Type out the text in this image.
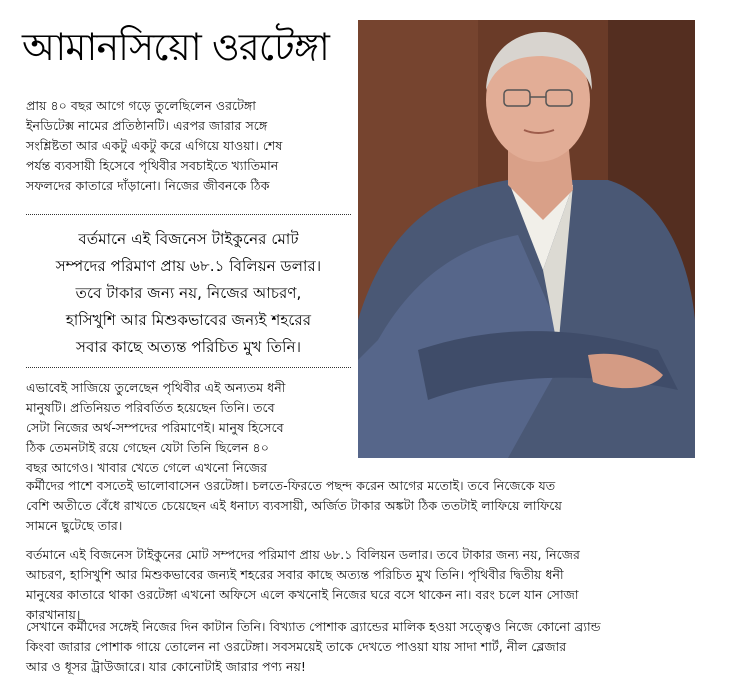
আমানসিয়ো ওরটেঙ্গা
প্রায় ৪০ বছর আগে গড়ে তুলেছিলেন ওরটেঙ্গা
ইনডিটেক্স নামের প্রতিষ্ঠানটি। এরপর জারার সঙ্গে
সংশ্লিষ্টতা আর একটু একটু করে এগিয়ে যাওয়া। শেষ
পর্যন্ত ব্যবসায়ী হিসেবে পৃথিবীর সবচাইতে খ্যাতিমান
সফলদের কাতারে দাঁড়ানো। নিজের জীবনকে ঠিক
বর্তমানে এই বিজনেস টাইকুনের মোট
সম্পদের পরিমাণ প্রায় ৬৮.১ বিলিয়ন ডলার।
তবে টাকার জন্য নয়, নিজের আচরণ,
হাসিখুশি আর মিশুকভাবের জন্যই শহরের
সবার কাছে অত্যন্ত পরিচিত মুখ তিনি।
এভাবেই সাজিয়ে তুলেছেন পৃথিবীর এই অন্যতম ধনী
মানুষটি। প্রতিনিয়ত পরিবর্তিত হয়েছেন তিনি। তবে
সেটা নিজের অর্থ-সম্পদের পরিমাণেই। মানুষ হিসেবে
ঠিক তেমনটাই রয়ে গেছেন যেটা তিনি ছিলেন ৪০
বছর আগেও। খাবার খেতে গেলে এখনো নিজের
কর্মীদের পাশে বসতেই ভালোবাসেন ওরটেঙ্গা। চলতে-ফিরতে পছন্দ করেন আগের মতোই। তবে নিজেকে যত
বেশি অতীতে বেঁধে রাখতে চেয়েছেন এই ধনাঢ্য ব্যবসায়ী, অর্জিত টাকার অঙ্কটা ঠিক ততটাই লাফিয়ে লাফিয়ে
সামনে ছুটেছে তার।
বর্তমানে এই বিজনেস টাইকুনের মোট সম্পদের পরিমাণ প্রায় ৬৮.১ বিলিয়ন ডলার। তবে টাকার জন্য নয়, নিজের
আচরণ, হাসিখুশি আর মিশুকভাবের জন্যই শহরের সবার কাছে অত্যন্ত পরিচিত মুখ তিনি। পৃথিবীর দ্বিতীয় ধনী
মানুষের কাতারে থাকা ওরটেঙ্গা এখনো অফিসে এলে কখনোই নিজের ঘরে বসে থাকেন না। বরং চলে যান সোজা
কারখানায়।
সেখানে কর্মীদের সঙ্গেই নিজের দিন কাটান তিনি। বিখ্যাত পোশাক ব্র্যান্ডের মালিক হওয়া সত্ত্বেও নিজে কোনো ব্র্যান্ড
কিংবা জারার পোশাক গায়ে তোলেন না ওরটেঙ্গা। সবসময়েই তাকে দেখতে পাওয়া যায় সাদা শার্ট, নীল ব্লেজার
আর ও ধূসর ট্রাউজারে। যার কোনোটাই জারার পণ্য নয়!
